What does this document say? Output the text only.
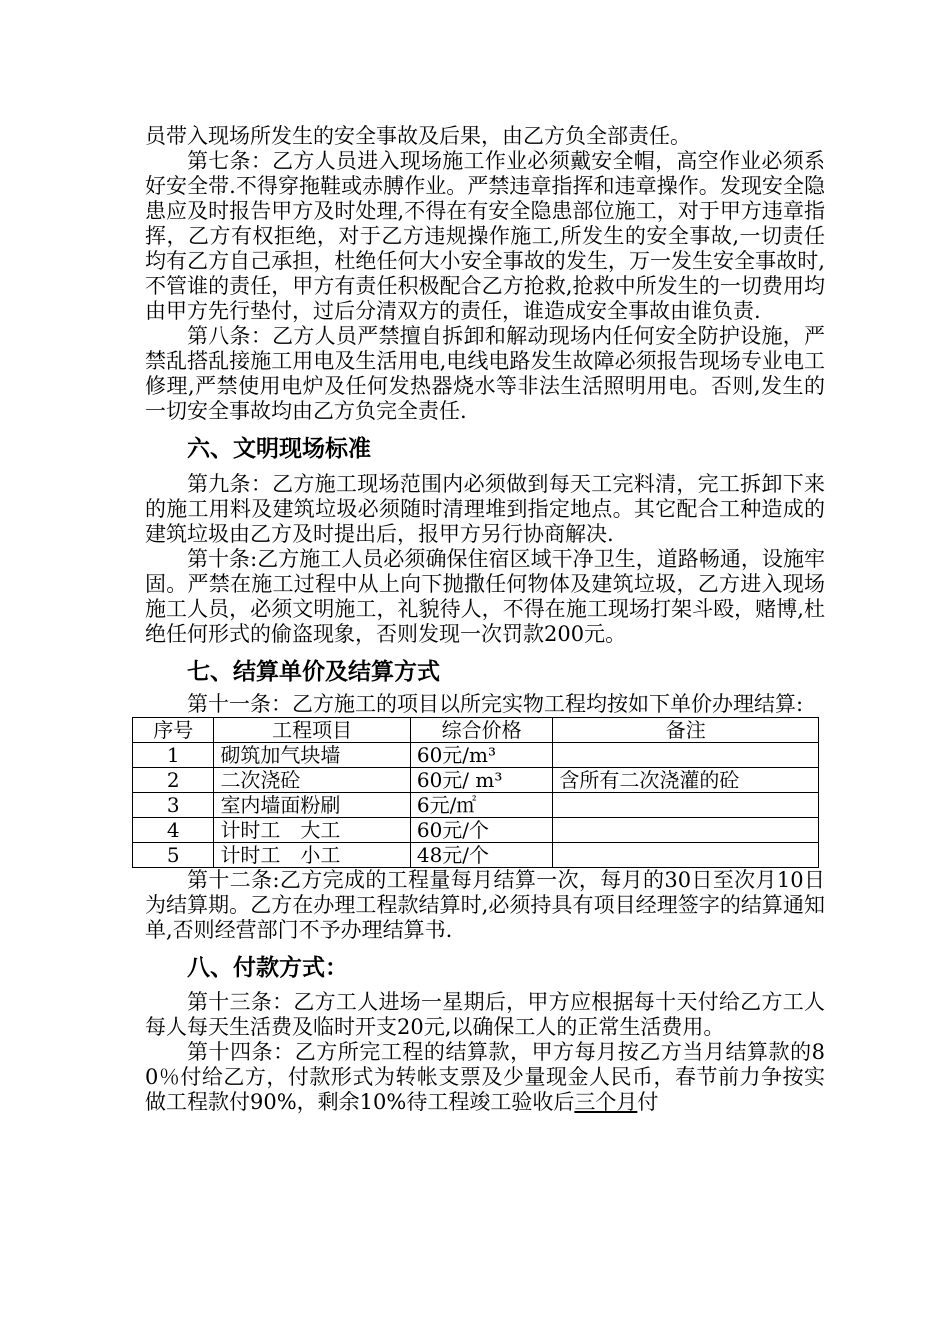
员带入现场所发生的安全事故及后果，由乙方负全部责任。

第七条：乙方人员进入现场施工作业必须戴安全帽，高空作业必须系好安全带.不得穿拖鞋或赤膊作业。严禁违章指挥和违章操作。发现安全隐患应及时报告甲方及时处理,不得在有安全隐患部位施工，对于甲方违章指挥，乙方有权拒绝，对于乙方违规操作施工,所发生的安全事故,一切责任均有乙方自己承担，杜绝任何大小安全事故的发生，万一发生安全事故时,不管谁的责任，甲方有责任积极配合乙方抢救,抢救中所发生的一切费用均由甲方先行垫付，过后分清双方的责任，谁造成安全事故由谁负责.

第八条：乙方人员严禁擅自拆卸和解动现场内任何安全防护设施，严禁乱搭乱接施工用电及生活用电,电线电路发生故障必须报告现场专业电工修理,严禁使用电炉及任何发热器烧水等非法生活照明用电。否则,发生的一切安全事故均由乙方负完全责任.

六、文明现场标准

第九条：乙方施工现场范围内必须做到每天工完料清，完工拆卸下来的施工用料及建筑垃圾必须随时清理堆到指定地点。其它配合工种造成的建筑垃圾由乙方及时提出后，报甲方另行协商解决.

第十条:乙方施工人员必须确保住宿区域干净卫生，道路畅通，设施牢固。严禁在施工过程中从上向下抛撒任何物体及建筑垃圾，乙方进入现场施工人员，必须文明施工，礼貌待人，不得在施工现场打架斗殴，赌博,杜绝任何形式的偷盗现象，否则发现一次罚款200元。

七、结算单价及结算方式

第十一条：乙方施工的项目以所完实物工程均按如下单价办理结算:

序号	工程项目	综合价格	备注
1	砌筑加气块墙	60元/m³	
2	二次浇砼	60元/ m³	含所有二次浇灌的砼
3	室内墙面粉刷	6元/㎡	
4	计时工　大工	60元/个	
5	计时工　小工	48元/个	

第十二条:乙方完成的工程量每月结算一次，每月的30日至次月10日为结算期。乙方在办理工程款结算时,必须持具有项目经理签字的结算通知单,否则经营部门不予办理结算书.

八、付款方式：

第十三条：乙方工人进场一星期后，甲方应根据每十天付给乙方工人每人每天生活费及临时开支20元,以确保工人的正常生活费用。

第十四条：乙方所完工程的结算款，甲方每月按乙方当月结算款的80％付给乙方，付款形式为转帐支票及少量现金人民币，春节前力争按实做工程款付90%，剩余10%待工程竣工验收后三个月付
